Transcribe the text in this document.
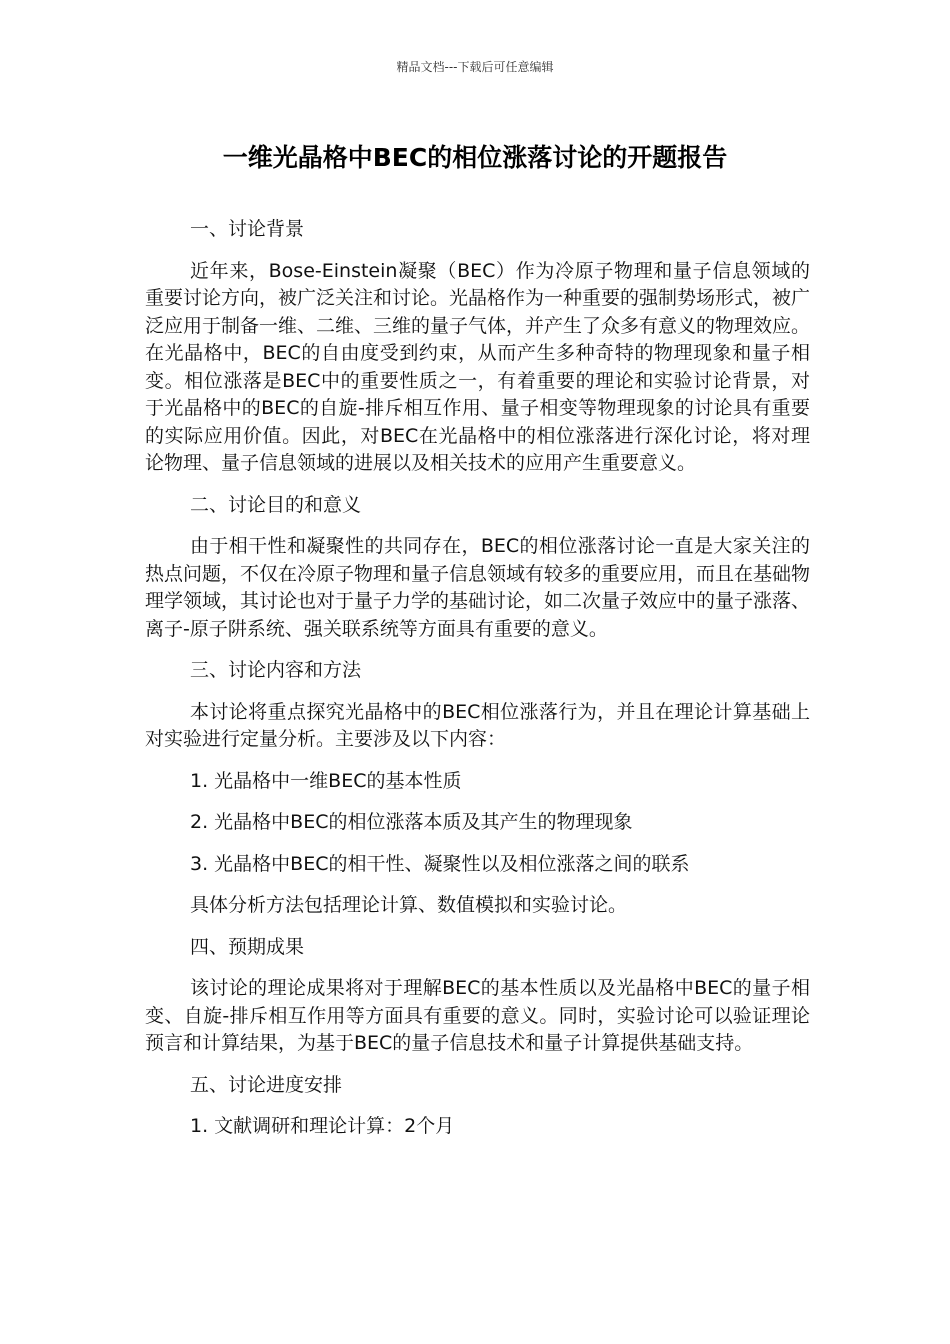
精品文档---下载后可任意编辑
一维光晶格中BEC的相位涨落讨论的开题报告

一、讨论背景

近年来，Bose-Einstein凝聚（BEC）作为冷原子物理和量子信息领域的重要讨论方向，被广泛关注和讨论。光晶格作为一种重要的强制势场形式，被广泛应用于制备一维、二维、三维的量子气体，并产生了众多有意义的物理效应。在光晶格中，BEC的自由度受到约束，从而产生多种奇特的物理现象和量子相变。相位涨落是BEC中的重要性质之一，有着重要的理论和实验讨论背景，对于光晶格中的BEC的自旋-排斥相互作用、量子相变等物理现象的讨论具有重要的实际应用价值。因此，对BEC在光晶格中的相位涨落进行深化讨论，将对理论物理、量子信息领域的进展以及相关技术的应用产生重要意义。

二、讨论目的和意义

由于相干性和凝聚性的共同存在，BEC的相位涨落讨论一直是大家关注的热点问题，不仅在冷原子物理和量子信息领域有较多的重要应用，而且在基础物理学领域，其讨论也对于量子力学的基础讨论，如二次量子效应中的量子涨落、离子-原子阱系统、强关联系统等方面具有重要的意义。

三、讨论内容和方法

本讨论将重点探究光晶格中的BEC相位涨落行为，并且在理论计算基础上对实验进行定量分析。主要涉及以下内容：

1. 光晶格中一维BEC的基本性质

2. 光晶格中BEC的相位涨落本质及其产生的物理现象

3. 光晶格中BEC的相干性、凝聚性以及相位涨落之间的联系

具体分析方法包括理论计算、数值模拟和实验讨论。

四、预期成果

该讨论的理论成果将对于理解BEC的基本性质以及光晶格中BEC的量子相变、自旋-排斥相互作用等方面具有重要的意义。同时，实验讨论可以验证理论预言和计算结果，为基于BEC的量子信息技术和量子计算提供基础支持。

五、讨论进度安排

1. 文献调研和理论计算：2个月
